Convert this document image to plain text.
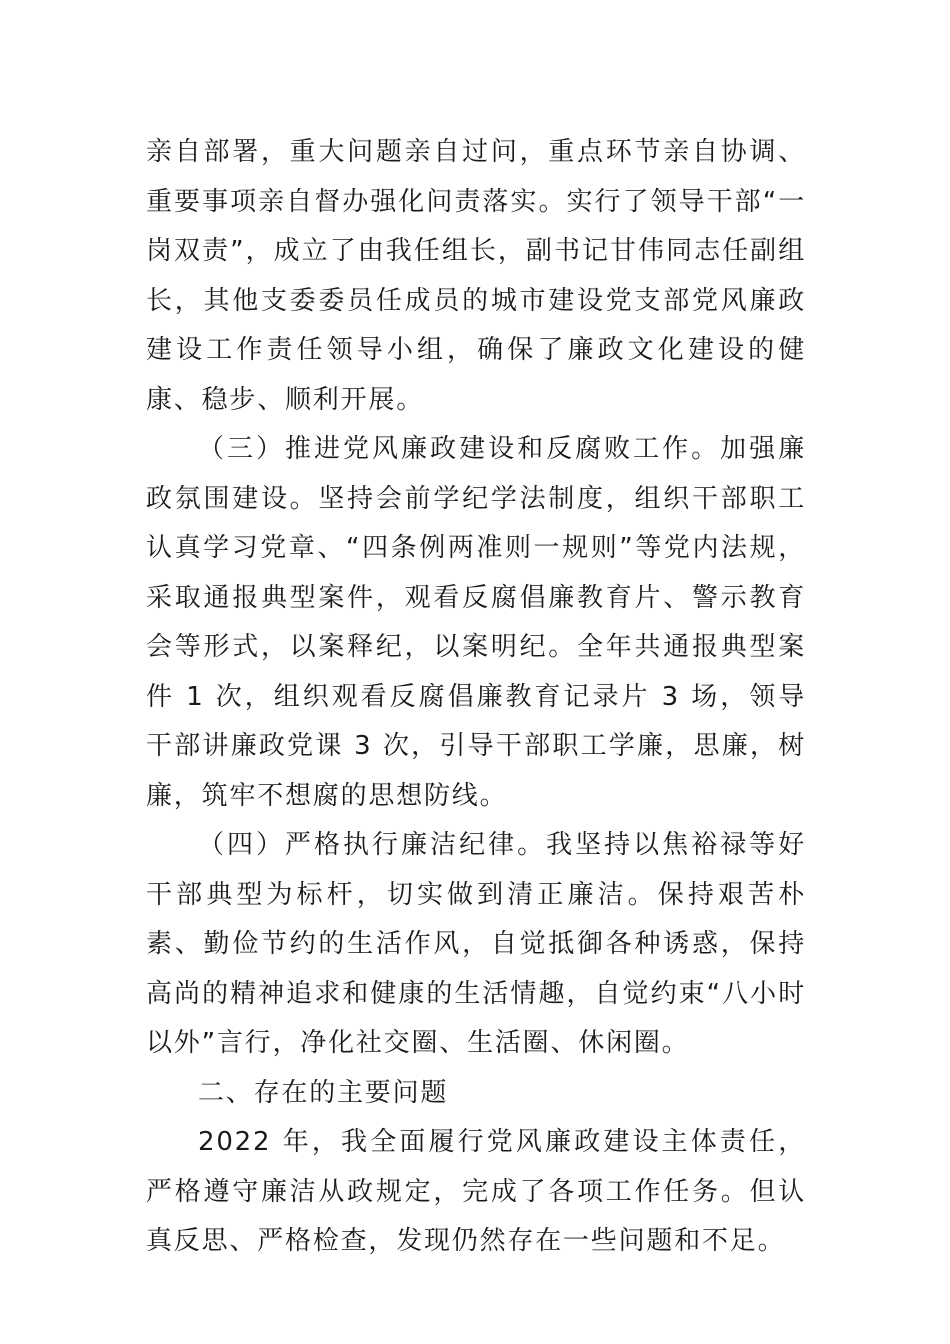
亲自部署，重大问题亲自过问，重点环节亲自协调、重要事项亲自督办强化问责落实。实行了领导干部“一岗双责”，成立了由我任组长，副书记甘伟同志任副组长，其他支委委员任成员的城市建设党支部党风廉政建设工作责任领导小组，确保了廉政文化建设的健康、稳步、顺利开展。

（三）推进党风廉政建设和反腐败工作。加强廉政氛围建设。坚持会前学纪学法制度，组织干部职工认真学习党章、“四条例两准则一规则”等党内法规，采取通报典型案件，观看反腐倡廉教育片、警示教育会等形式，以案释纪，以案明纪。全年共通报典型案件 1 次，组织观看反腐倡廉教育记录片 3 场，领导干部讲廉政党课 3 次，引导干部职工学廉，思廉，树廉，筑牢不想腐的思想防线。

（四）严格执行廉洁纪律。我坚持以焦裕禄等好干部典型为标杆，切实做到清正廉洁。保持艰苦朴素、勤俭节约的生活作风，自觉抵御各种诱惑，保持高尚的精神追求和健康的生活情趣，自觉约束“八小时以外”言行，净化社交圈、生活圈、休闲圈。

二、存在的主要问题

2022 年，我全面履行党风廉政建设主体责任，严格遵守廉洁从政规定，完成了各项工作任务。但认真反思、严格检查，发现仍然存在一些问题和不足。
